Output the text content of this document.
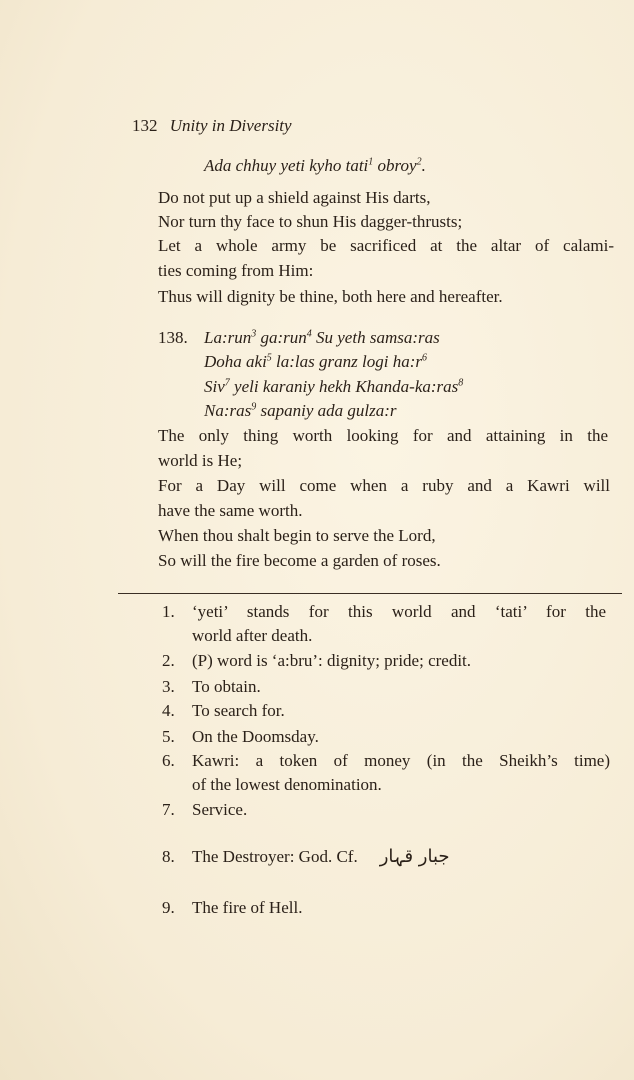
132 Unity in Diversity
Ada chhuy yeti kyho tati$^1$ obroy$^2$.
Do not put up a shield against His darts,
Nor turn thy face to shun His dagger-thrusts;
Let a whole army be sacrificed at the altar of calami-
ties coming from Him:
Thus will dignity be thine, both here and hereafter.
138. La:run$^3$ ga:run$^4$ Su yeth samsa:ras
Doha aki$^5$ la:las granz logi $ha:r^6$
Siv$^7$ yeli karaniy hekh Khanda-ka:ras$^8$
Na:ras$^9$ sapaniy ada gulza:r
The only thing worth looking for and attaining in the
world is He;
For a Day will come when a ruby and a Kawri will
have the same worth.
When thou shalt begin to serve the Lord,
So will the fire become a garden of roses.
1. ‘yeti’ stands for this world and ‘tati’ for the
world after death.
2. (P) word is ‘a:bru’: dignity; pride; credit.
3. To obtain.
4. To search for.
5. On the Doomsday.
6. Kawri: a token of money (in the Sheikh’s time)
of the lowest denomination.
7. Service.
8. The Destroyer: God. Cf. جبار قہار
9. The fire of Hell.
